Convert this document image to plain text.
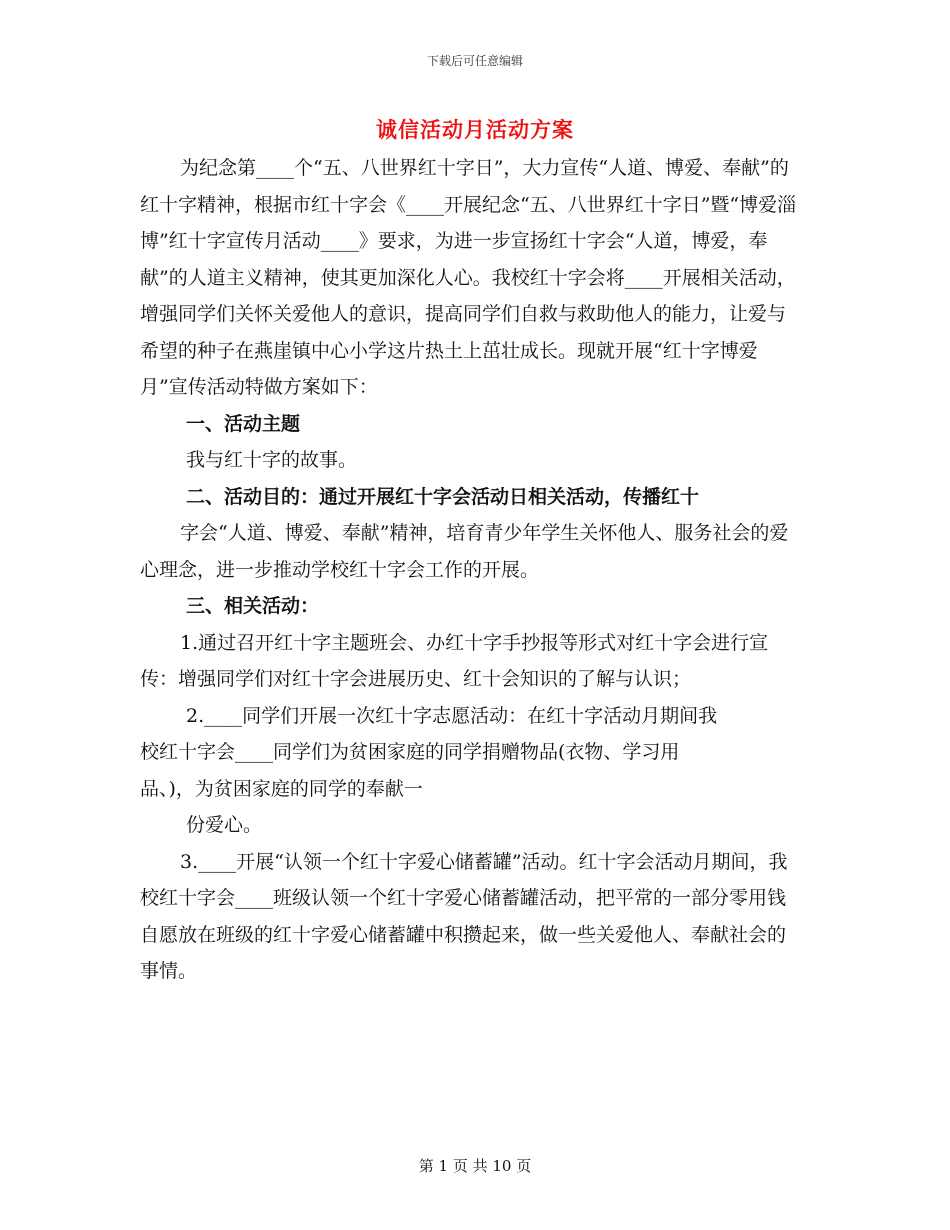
下载后可任意编辑
诚信活动月活动方案

为纪念第____个“五、八世界红十字日”，大力宣传“人道、博爱、奉献”的红十字精神，根据市红十字会《____开展纪念“五、八世界红十字日”暨“博爱淄博”红十字宣传月活动____》要求，为进一步宣扬红十字会“人道，博爱，奉献”的人道主义精神，使其更加深化人心。我校红十字会将____开展相关活动，增强同学们关怀关爱他人的意识，提高同学们自救与救助他人的能力，让爱与希望的种子在燕崖镇中心小学这片热土上茁壮成长。现就开展“红十字博爱月”宣传活动特做方案如下：

一、活动主题

我与红十字的故事。

二、活动目的：通过开展红十字会活动日相关活动，传播红十

字会“人道、博爱、奉献”精神，培育青少年学生关怀他人、服务社会的爱心理念，进一步推动学校红十字会工作的开展。

三、相关活动：

1.通过召开红十字主题班会、办红十字手抄报等形式对红十字会进行宣传：增强同学们对红十字会进展历史、红十会知识的了解与认识；

2.____同学们开展一次红十字志愿活动：在红十字活动月期间我

校红十字会____同学们为贫困家庭的同学捐赠物品(衣物、学习用

品、)，为贫困家庭的同学的奉献一

份爱心。

3.____开展“认领一个红十字爱心储蓄罐”活动。红十字会活动月期间，我校红十字会____班级认领一个红十字爱心储蓄罐活动，把平常的一部分零用钱自愿放在班级的红十字爱心储蓄罐中积攒起来，做一些关爱他人、奉献社会的事情。

第 1 页 共 10 页
